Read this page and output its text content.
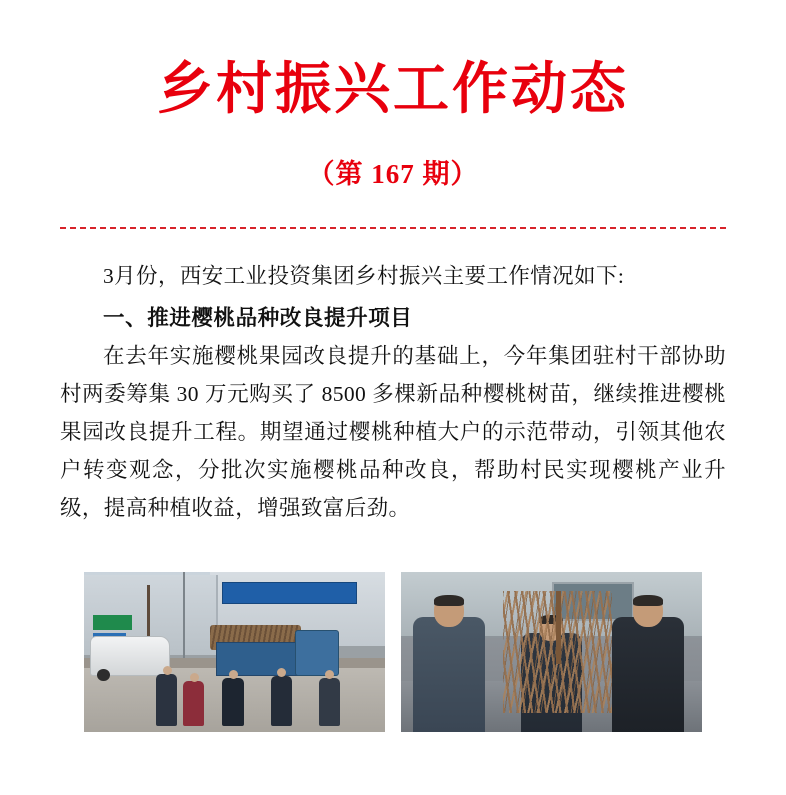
乡村振兴工作动态
（第 167 期）

3月份，西安工业投资集团乡村振兴主要工作情况如下:

一、推进樱桃品种改良提升项目

在去年实施樱桃果园改良提升的基础上，今年集团驻村干部协助村两委筹集 30 万元购买了 8500 多棵新品种樱桃树苗，继续推进樱桃果园改良提升工程。期望通过樱桃种植大户的示范带动，引领其他农户转变观念，分批次实施樱桃品种改良，帮助村民实现樱桃产业升级，提高种植收益，增强致富后劲。
